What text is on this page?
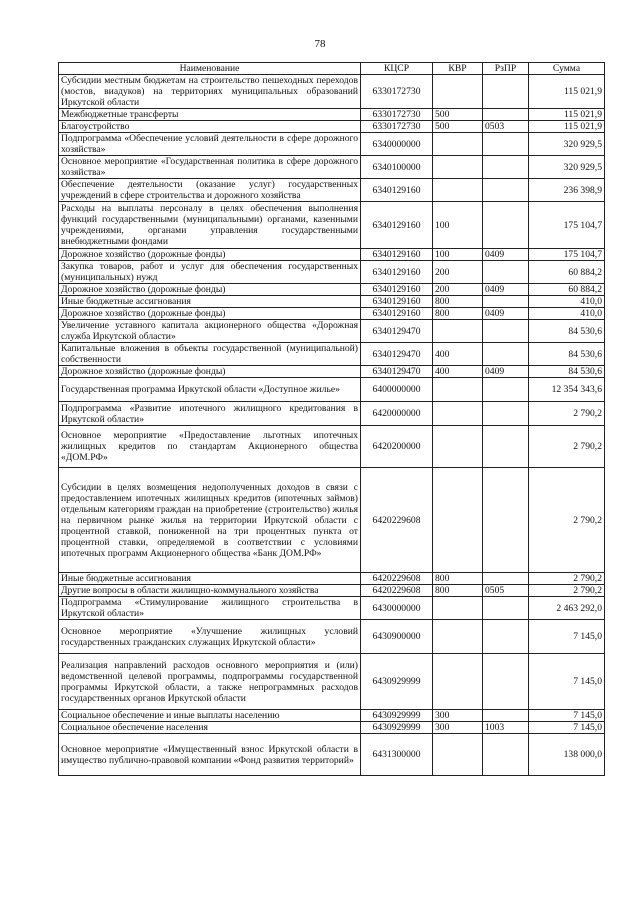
78
Наименование	КЦСР	КВР	РзПР	Сумма
Субсидии местным бюджетам на строительство пешеходных переходов (мостов, виадуков) на территориях муниципальных образований Иркутской области	6330172730			115 021,9
Межбюджетные трансферты	6330172730	500		115 021,9
Благоустройство	6330172730	500	0503	115 021,9
Подпрограмма «Обеспечение условий деятельности в сфере дорожного хозяйства»	6340000000			320 929,5
Основное мероприятие «Государственная политика в сфере дорожного хозяйства»	6340100000			320 929,5
Обеспечение деятельности (оказание услуг) государственных учреждений в сфере строительства и дорожного хозяйства	6340129160			236 398,9
Расходы на выплаты персоналу в целях обеспечения выполнения функций государственными (муниципальными) органами, казенными учреждениями, органами управления государственными внебюджетными фондами	6340129160	100		175 104,7
Дорожное хозяйство (дорожные фонды)	6340129160	100	0409	175 104,7
Закупка товаров, работ и услуг для обеспечения государственных (муниципальных) нужд	6340129160	200		60 884,2
Дорожное хозяйство (дорожные фонды)	6340129160	200	0409	60 884,2
Иные бюджетные ассигнования	6340129160	800		410,0
Дорожное хозяйство (дорожные фонды)	6340129160	800	0409	410,0
Увеличение уставного капитала акционерного общества «Дорожная служба Иркутской области»	6340129470			84 530,6
Капитальные вложения в объекты государственной (муниципальной) собственности	6340129470	400		84 530,6
Дорожное хозяйство (дорожные фонды)	6340129470	400	0409	84 530,6
Государственная программа Иркутской области «Доступное жилье»	6400000000			12 354 343,6
Подпрограмма «Развитие ипотечного жилищного кредитования в Иркутской области»	6420000000			2 790,2
Основное мероприятие «Предоставление льготных ипотечных жилищных кредитов по стандартам Акционерного общества «ДОМ.РФ»	6420200000			2 790,2
Субсидии в целях возмещения недополученных доходов в связи с предоставлением ипотечных жилищных кредитов (ипотечных займов) отдельным категориям граждан на приобретение (строительство) жилья на первичном рынке жилья на территории Иркутской области с процентной ставкой, пониженной на три процентных пункта от процентной ставки, определяемой в соответствии с условиями ипотечных программ Акционерного общества «Банк ДОМ.РФ»	6420229608			2 790,2
Иные бюджетные ассигнования	6420229608	800		2 790,2
Другие вопросы в области жилищно-коммунального хозяйства	6420229608	800	0505	2 790,2
Подпрограмма «Стимулирование жилищного строительства в Иркутской области»	6430000000			2 463 292,0
Основное мероприятие «Улучшение жилищных условий государственных гражданских служащих Иркутской области»	6430900000			7 145,0
Реализация направлений расходов основного мероприятия и (или) ведомственной целевой программы, подпрограммы государственной программы Иркутской области, а также непрограммных расходов государственных органов Иркутской области	6430929999			7 145,0
Социальное обеспечение и иные выплаты населению	6430929999	300		7 145,0
Социальное обеспечение населения	6430929999	300	1003	7 145,0
Основное мероприятие «Имущественный взнос Иркутской области в имущество публично-правовой компании «Фонд развития территорий»	6431300000			138 000,0
